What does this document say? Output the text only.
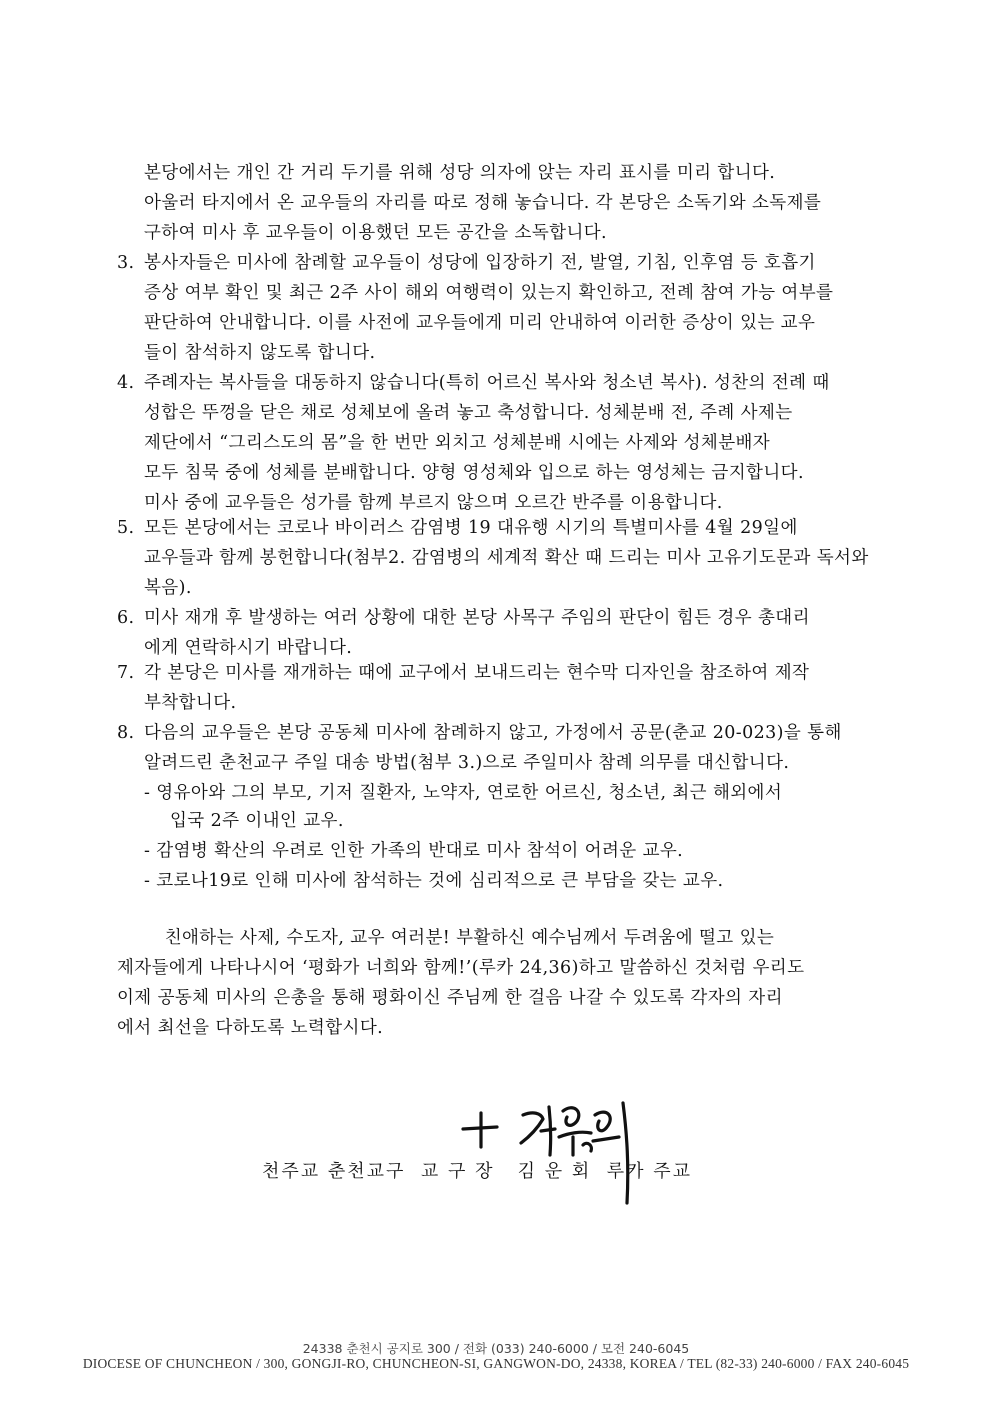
본당에서는 개인 간 거리 두기를 위해 성당 의자에 앉는 자리 표시를 미리 합니다.
아울러 타지에서 온 교우들의 자리를 따로 정해 놓습니다. 각 본당은 소독기와 소독제를
구하여 미사 후 교우들이 이용했던 모든 공간을 소독합니다.
3. 봉사자들은 미사에 참례할 교우들이 성당에 입장하기 전, 발열, 기침, 인후염 등 호흡기
증상 여부 확인 및 최근 2주 사이 해외 여행력이 있는지 확인하고, 전례 참여 가능 여부를
판단하여 안내합니다. 이를 사전에 교우들에게 미리 안내하여 이러한 증상이 있는 교우
들이 참석하지 않도록 합니다.
4. 주례자는 복사들을 대동하지 않습니다(특히 어르신 복사와 청소년 복사). 성찬의 전례 때
성합은 뚜껑을 닫은 채로 성체보에 올려 놓고 축성합니다. 성체분배 전, 주례 사제는
제단에서 “그리스도의 몸”을 한 번만 외치고 성체분배 시에는 사제와 성체분배자
모두 침묵 중에 성체를 분배합니다. 양형 영성체와 입으로 하는 영성체는 금지합니다.
미사 중에 교우들은 성가를 함께 부르지 않으며 오르간 반주를 이용합니다.
5. 모든 본당에서는 코로나 바이러스 감염병 19 대유행 시기의 특별미사를 4월 29일에
교우들과 함께 봉헌합니다(첨부2. 감염병의 세계적 확산 때 드리는 미사 고유기도문과 독서와
복음).
6. 미사 재개 후 발생하는 여러 상황에 대한 본당 사목구 주임의 판단이 힘든 경우 총대리
에게 연락하시기 바랍니다.
7. 각 본당은 미사를 재개하는 때에 교구에서 보내드리는 현수막 디자인을 참조하여 제작
부착합니다.
8. 다음의 교우들은 본당 공동체 미사에 참례하지 않고, 가정에서 공문(춘교 20-023)을 통해
알려드린 춘천교구 주일 대송 방법(첨부 3.)으로 주일미사 참례 의무를 대신합니다.
- 영유아와 그의 부모, 기저 질환자, 노약자, 연로한 어르신, 청소년, 최근 해외에서
입국 2주 이내인 교우.
- 감염병 확산의 우려로 인한 가족의 반대로 미사 참석이 어려운 교우.
- 코로나19로 인해 미사에 참석하는 것에 심리적으로 큰 부담을 갖는 교우.
친애하는 사제, 수도자, 교우 여러분! 부활하신 예수님께서 두려움에 떨고 있는
제자들에게 나타나시어 ‘평화가 너희와 함께!’(루카 24,36)하고 말씀하신 것처럼 우리도
이제 공동체 미사의 은총을 통해 평화이신 주님께 한 걸음 나갈 수 있도록 각자의 자리
에서 최선을 다하도록 노력합시다.
천주교 춘천교구  교 구 장   김 운 회  루카 주교
24338 춘천시 공지로 300 / 전화 (033) 240-6000 / 모전 240-6045
DIOCESE OF CHUNCHEON / 300, GONGJI-RO, CHUNCHEON-SI, GANGWON-DO, 24338, KOREA / TEL (82-33) 240-6000 / FAX 240-6045
